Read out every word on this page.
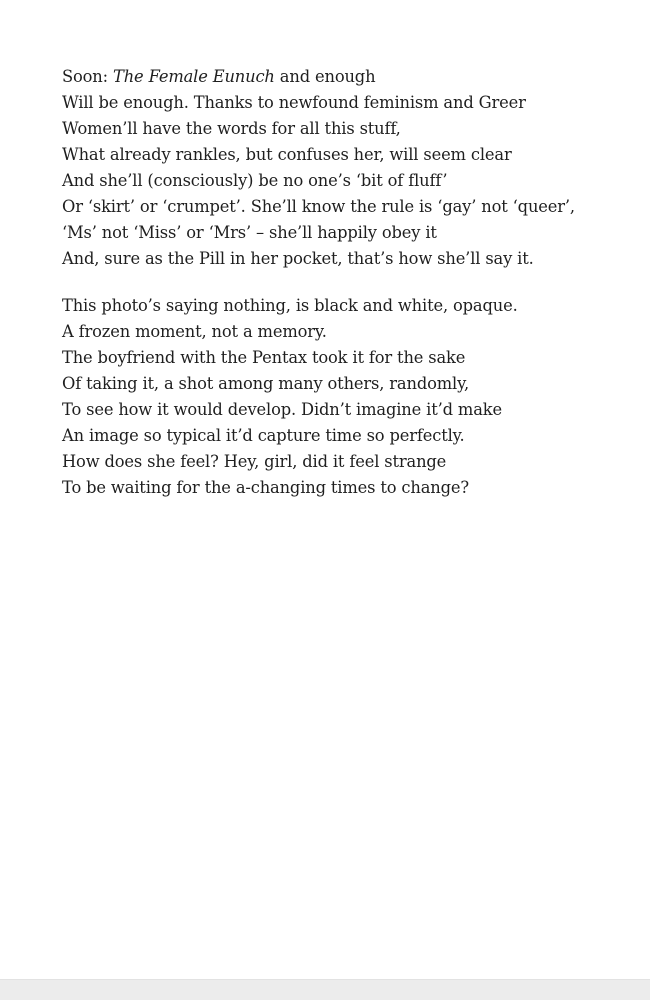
Soon: The Female Eunuch and enough
Will be enough. Thanks to newfound feminism and Greer
Women’ll have the words for all this stuff,
What already rankles, but confuses her, will seem clear
And she’ll (consciously) be no one’s ‘bit of fluff’
Or ‘skirt’ or ‘crumpet’. She’ll know the rule is ‘gay’ not ‘queer’,
‘Ms’ not ‘Miss’ or ‘Mrs’ – she’ll happily obey it
And, sure as the Pill in her pocket, that’s how she’ll say it.

This photo’s saying nothing, is black and white, opaque.
A frozen moment, not a memory.
The boyfriend with the Pentax took it for the sake
Of taking it, a shot among many others, randomly,
To see how it would develop. Didn’t imagine it’d make
An image so typical it’d capture time so perfectly.
How does she feel? Hey, girl, did it feel strange
To be waiting for the a-changing times to change?
